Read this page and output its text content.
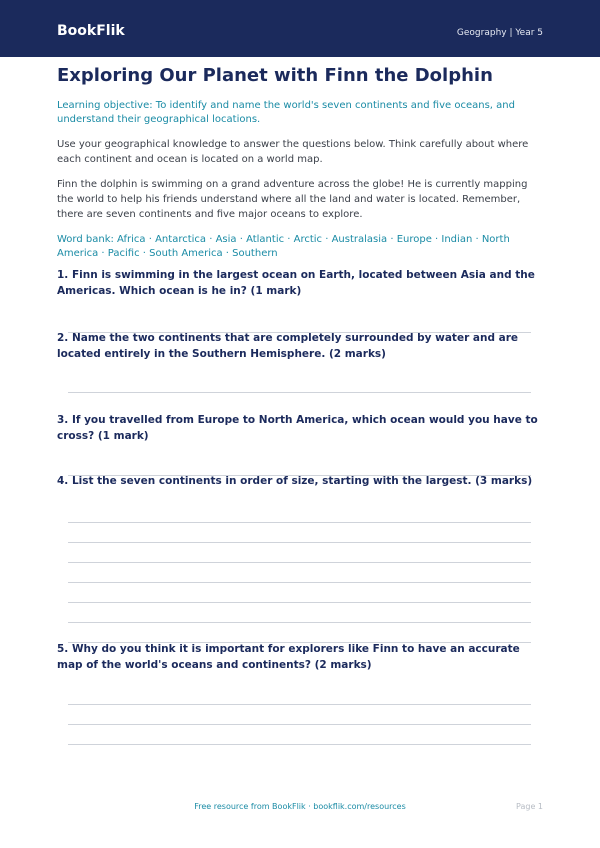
BookFlik	Geography | Year 5
Exploring Our Planet with Finn the Dolphin

Learning objective: To identify and name the world's seven continents and five oceans, and understand their geographical locations.

Use your geographical knowledge to answer the questions below. Think carefully about where each continent and ocean is located on a world map.

Finn the dolphin is swimming on a grand adventure across the globe! He is currently mapping the world to help his friends understand where all the land and water is located. Remember, there are seven continents and five major oceans to explore.

Word bank: Africa · Antarctica · Asia · Atlantic · Arctic · Australasia · Europe · Indian · North America · Pacific · South America · Southern

1. Finn is swimming in the largest ocean on Earth, located between Asia and the Americas. Which ocean is he in? (1 mark)

2. Name the two continents that are completely surrounded by water and are located entirely in the Southern Hemisphere. (2 marks)

3. If you travelled from Europe to North America, which ocean would you have to cross? (1 mark)

4. List the seven continents in order of size, starting with the largest. (3 marks)

5. Why do you think it is important for explorers like Finn to have an accurate map of the world's oceans and continents? (2 marks)

Free resource from BookFlik · bookflik.com/resources	Page 1
